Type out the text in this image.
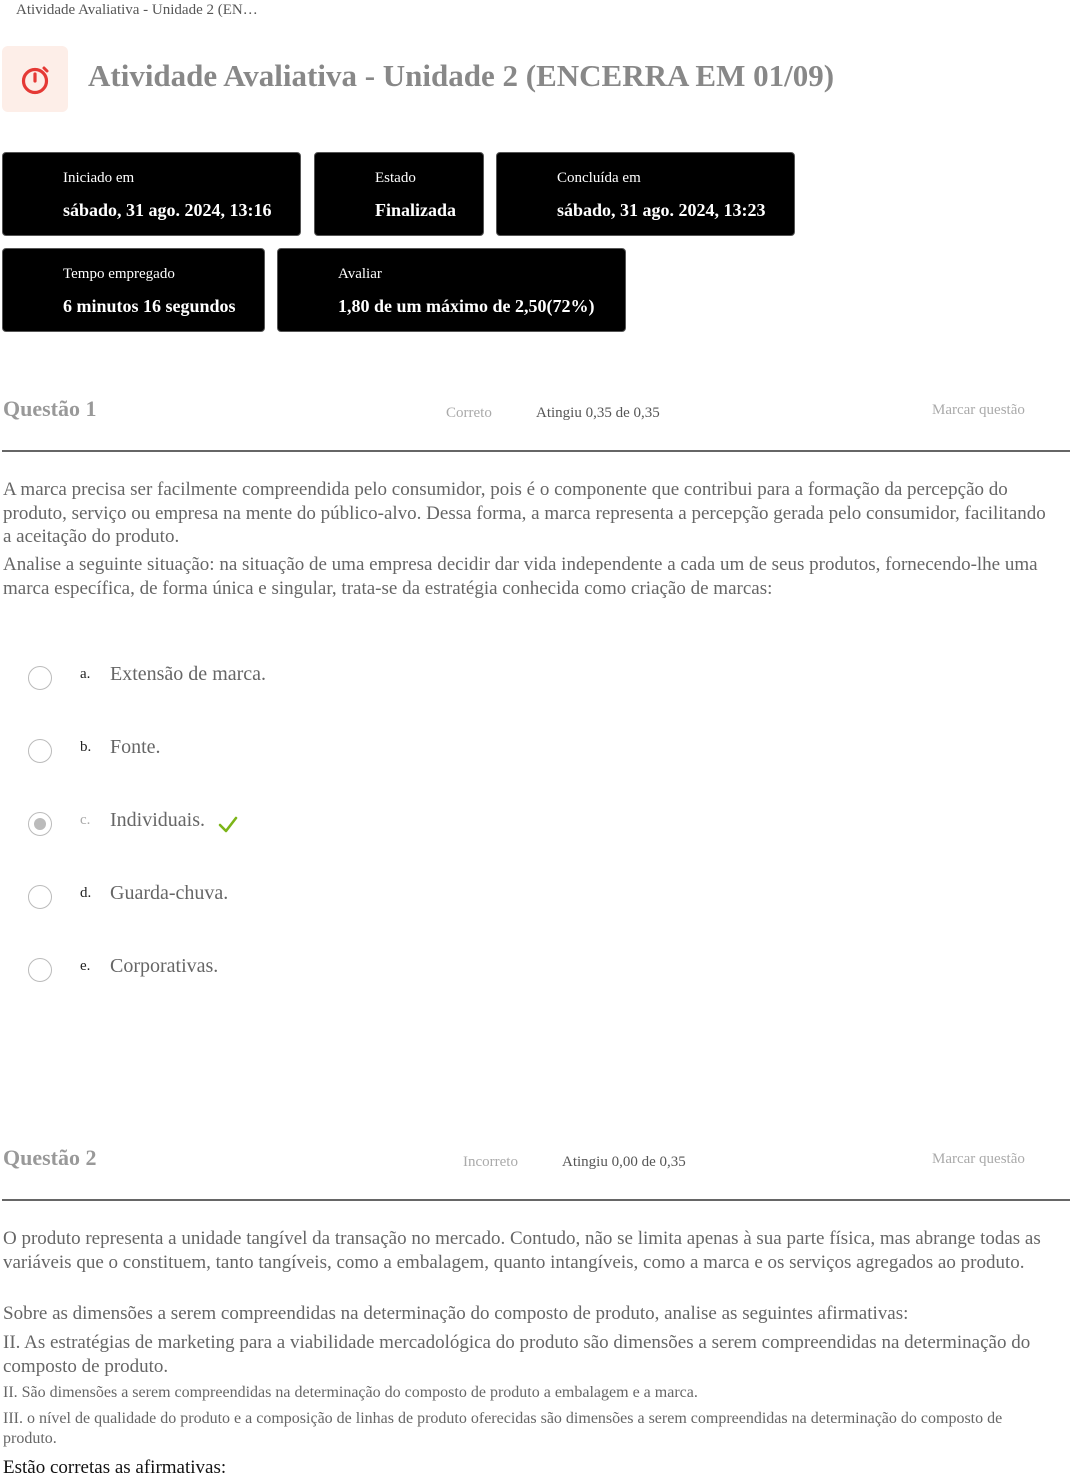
Atividade Avaliativa - Unidade 2 (EN…
Atividade Avaliativa - Unidade 2 (ENCERRA EM 01/09)
Iniciado em
sábado, 31 ago. 2024, 13:16
Estado
Finalizada
Concluída em
sábado, 31 ago. 2024, 13:23
Tempo empregado
6 minutos 16 segundos
Avaliar
1,80 de um máximo de 2,50(72%)
Questão 1	Correto	Atingiu 0,35 de 0,35	Marcar questão
A marca precisa ser facilmente compreendida pelo consumidor, pois é o componente que contribui para a formação da percepção do produto, serviço ou empresa na mente do público-alvo. Dessa forma, a marca representa a percepção gerada pelo consumidor, facilitando a aceitação do produto.
Analise a seguinte situação: na situação de uma empresa decidir dar vida independente a cada um de seus produtos, fornecendo-lhe uma marca específica, de forma única e singular, trata-se da estratégia conhecida como criação de marcas:
a. Extensão de marca.
b. Fonte.
c. Individuais.
d. Guarda-chuva.
e. Corporativas.
Questão 2	Incorreto	Atingiu 0,00 de 0,35	Marcar questão
O produto representa a unidade tangível da transação no mercado. Contudo, não se limita apenas à sua parte física, mas abrange todas as variáveis que o constituem, tanto tangíveis, como a embalagem, quanto intangíveis, como a marca e os serviços agregados ao produto.
Sobre as dimensões a serem compreendidas na determinação do composto de produto, analise as seguintes afirmativas:
II. As estratégias de marketing para a viabilidade mercadológica do produto são dimensões a serem compreendidas na determinação do composto de produto.
II. São dimensões a serem compreendidas na determinação do composto de produto a embalagem e a marca.
III. o nível de qualidade do produto e a composição de linhas de produto oferecidas são dimensões a serem compreendidas na determinação do composto de produto.
Estão corretas as afirmativas:
